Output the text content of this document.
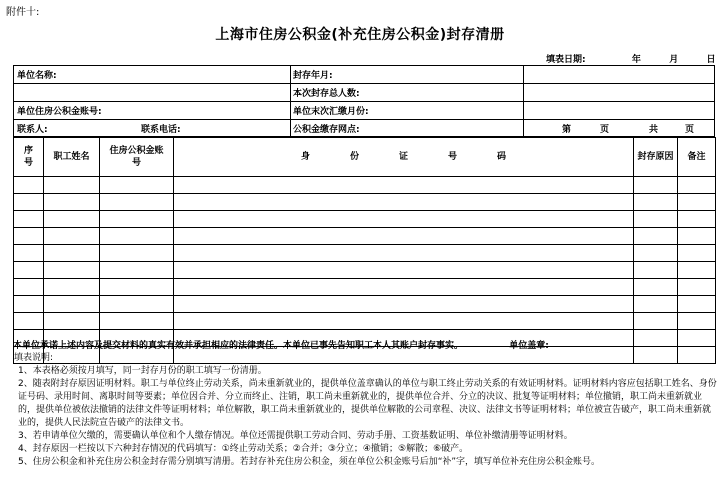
附件十:
上海市住房公积金(补充住房公积金)封存清册
填表日期:	年	月	日
单位名称:	封存年月:
本次封存总人数:
单位住房公积金账号:	单位末次汇缴月份:
联系人:	联系电话:	公积金缴存网点:	第	页	共	页
序号	职工姓名	住房公积金账号	身 份 证 号 码	封存原因	备注

本单位承诺上述内容及提交材料的真实有效并承担相应的法律责任。本单位已事先告知职工本人其账户封存事实。	单位盖章:

填表说明:

1、本表格必须按月填写，同一封存月份的职工填写一份清册。

2、随表附封存原因证明材料。职工与单位终止劳动关系，尚未重新就业的，提供单位盖章确认的单位与职工终止劳动关系的有效证明材料。证明材料内容应包括职工姓名、身份证号码、录用时间、离职时间等要素；单位因合并、分立而终止、注销，职工尚未重新就业的，提供单位合并、分立的决议、批复等证明材料；单位撤销，职工尚未重新就业的，提供单位被依法撤销的法律文件等证明材料；单位解散，职工尚未重新就业的，提供单位解散的公司章程、决议、法律文书等证明材料；单位被宣告破产，职工尚未重新就业的，提供人民法院宣告破产的法律文书。

3、若申请单位欠缴的，需要确认单位和个人缴存情况。单位还需提供职工劳动合同、劳动手册、工资基数证明、单位补缴清册等证明材料。

4、封存原因一栏按以下六种封存情况的代码填写：①终止劳动关系；②合并；③分立；④撤销；⑤解散；⑥破产。

5、住房公积金和补充住房公积金封存需分别填写清册。若封存补充住房公积金，须在单位公积金账号后加“补”字，填写单位补充住房公积金账号。
